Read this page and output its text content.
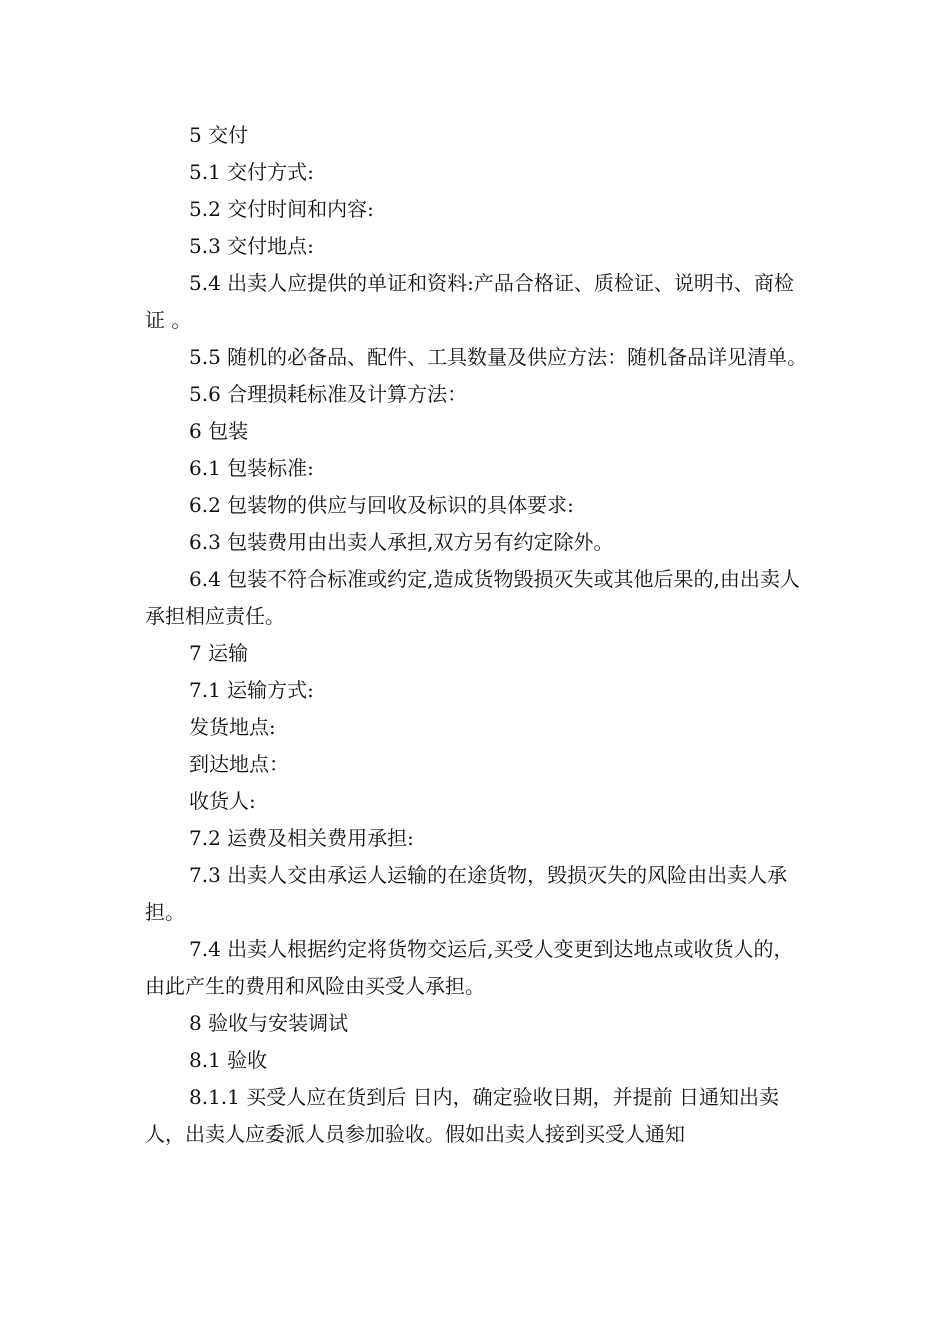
5 交付

5.1 交付方式:

5.2 交付时间和内容:

5.3 交付地点:

5.4 出卖人应提供的单证和资料:产品合格证、质检证、说明书、商检证 。

5.5 随机的必备品、配件、工具数量及供应方法：随机备品详见清单。

5.6 合理损耗标准及计算方法：

6 包装

6.1 包装标准:

6.2 包装物的供应与回收及标识的具体要求:

6.3 包装费用由出卖人承担,双方另有约定除外。

6.4 包装不符合标准或约定,造成货物毁损灭失或其他后果的,由出卖人承担相应责任。

7 运输

7.1 运输方式:

发货地点:

到达地点：

收货人:

7.2 运费及相关费用承担:

7.3 出卖人交由承运人运输的在途货物，毁损灭失的风险由出卖人承担。

7.4 出卖人根据约定将货物交运后,买受人变更到达地点或收货人的，由此产生的费用和风险由买受人承担。

8 验收与安装调试

8.1 验收

8.1.1 买受人应在货到后 日内，确定验收日期，并提前 日通知出卖人，出卖人应委派人员参加验收。假如出卖人接到买受人通知
